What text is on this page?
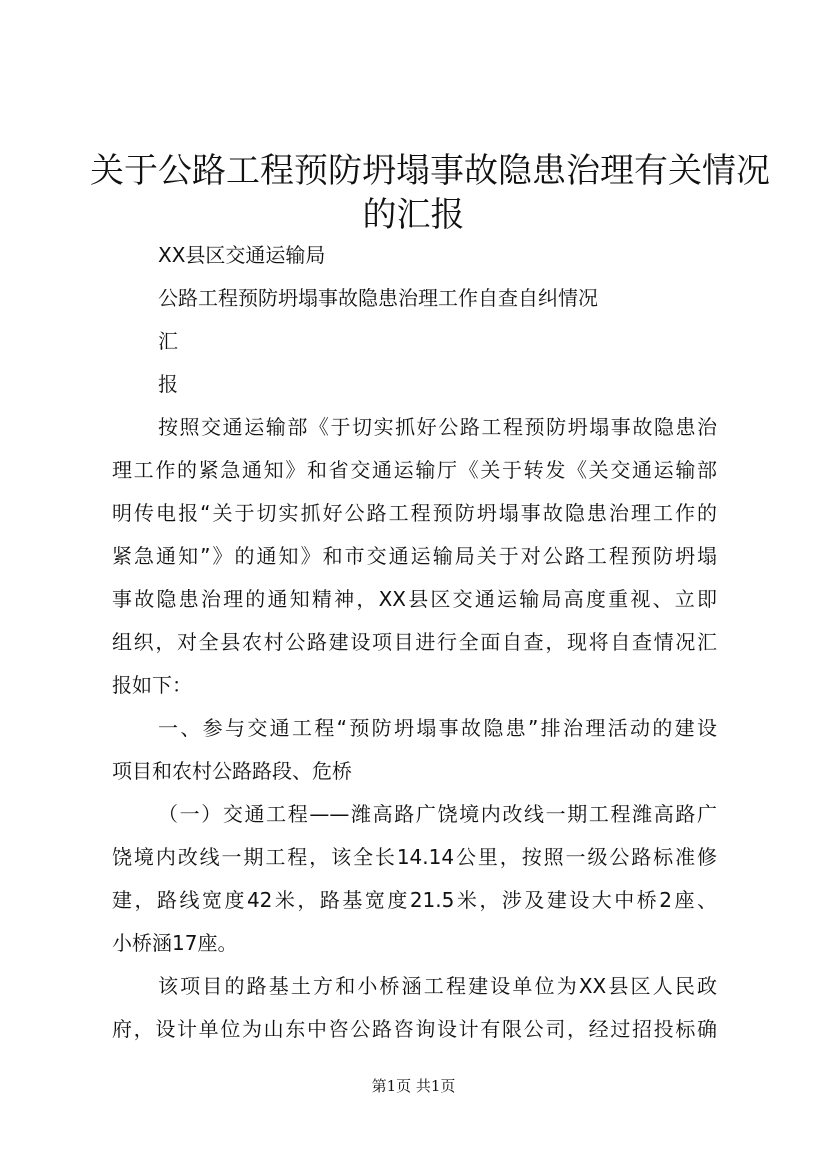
关于公路工程预防坍塌事故隐患治理有关情况
的汇报
XX县区交通运输局
公路工程预防坍塌事故隐患治理工作自查自纠情况
汇
报
按照交通运输部《于切实抓好公路工程预防坍塌事故隐患治
理工作的紧急通知》和省交通运输厅《关于转发《关交通运输部
明传电报“关于切实抓好公路工程预防坍塌事故隐患治理工作的
紧急通知”》的通知》和市交通运输局关于对公路工程预防坍塌
事故隐患治理的通知精神，XX县区交通运输局高度重视、立即
组织，对全县农村公路建设项目进行全面自查，现将自查情况汇
报如下：
一、参与交通工程“预防坍塌事故隐患”排治理活动的建设
项目和农村公路路段、危桥
（一）交通工程——潍高路广饶境内改线一期工程潍高路广
饶境内改线一期工程，该全长14.14公里，按照一级公路标准修
建，路线宽度42米，路基宽度21.5米，涉及建设大中桥2座、
小桥涵17座。
该项目的路基土方和小桥涵工程建设单位为XX县区人民政
府，设计单位为山东中咨公路咨询设计有限公司，经过招投标确
第1页 共1页
